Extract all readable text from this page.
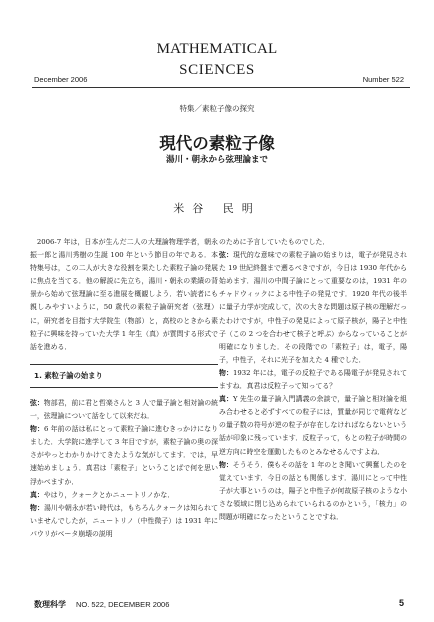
December 2006
MATHEMATICAL
SCIENCES
Number 522
特集／素粒子像の探究
現代の素粒子像
湯川・朝永から弦理論まで
米谷 民明

2006-7 年は，日本が生んだ二人の大理論物理学者，朝永振一郎と湯川秀樹の生誕 100 年という節目の年である．本特集号は，この二人が大きな役割を果たした素粒子論の発展に焦点を当てる．他の解説に先立ち，湯川・朝永の業績の背景から始めて弦理論に至る進展を概観しよう．若い読者にも親しみやすいように，50 歳代の素粒子論研究者（弦理）に，研究者を目指す大学院生（物部）と，高校のときから素粒子に興味を持っていた大学 1 年生（真）が質問する形式で話を進める．

1. 素粒子論の始まり

弦：物部君，前に君と哲楽さんと 3 人で量子論と相対論の統一，弦理論について話をして以来だね．

物：6 年前の話は私にとって素粒子論に進むきっかけになりました．大学院に進学して 3 年目ですが，素粒子論の奥の深さがやっとわかりかけてきたような気がしてます．では，早速始めましょう．真君は「素粒子」ということばで何を思い浮かべますか．

真：やはり，クォークとかニュートリノかな．

物：湯川や朝永が若い時代は，もちろんクォークは知られていませんでしたが，ニュートリノ（中性微子）は 1931 年にパウリがベータ崩壊の説明

のために予言していたものでした．

弦：現代的な意味での素粒子論の始まりは，電子が発見された 19 世紀終盤まで遡るべきですが，今日は 1930 年代から始めます．湯川の中間子論にとって重要なのは，1931 年のチャドウィックによる中性子の発見です．1920 年代の後半に量子力学が完成して，次の大きな問題は原子核の理解だったわけですが，中性子の発見によって原子核が，陽子と中性子（この 2 つを合わせて核子と呼ぶ）からなっていることが明確になりました．その段階での「素粒子」は，電子，陽子，中性子，それに光子を加えた 4 種でした．

物：1932 年には，電子の反粒子である陽電子が発見されてますね．真君は反粒子って知ってる？

真：Y 先生の量子論入門講義の余談で，量子論と相対論を組み合わせると必ずすべての粒子には，質量が同じで電荷などの量子数の符号が逆の粒子が存在しなければならないという話が印象に残っています．反粒子って，もとの粒子が時間の逆方向に時空を運動したものとみなせるんですよね．

物：そうそう．僕もその話を 1 年のとき聞いて興奮したのを覚えています．今日の話とも関係します．湯川にとって中性子が大事というのは，陽子と中性子が何故原子核のような小さな領域に閉じ込められていられるのかという，「核力」の問題が明確になったということですね．

数理科学 NO. 522, DECEMBER 2006	5
